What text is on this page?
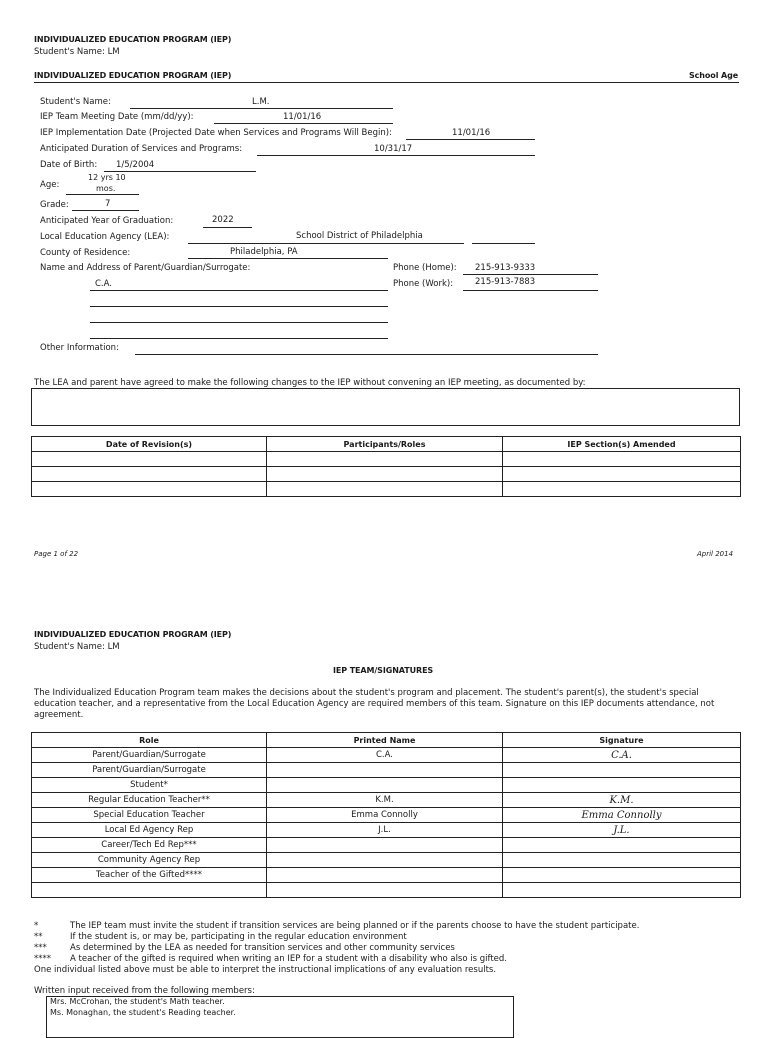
INDIVIDUALIZED EDUCATION PROGRAM (IEP)
Student's Name: LM
INDIVIDUALIZED EDUCATION PROGRAM (IEP)	School Age
Student's Name:	L.M.
IEP Team Meeting Date (mm/dd/yy):	11/01/16
IEP Implementation Date (Projected Date when Services and Programs Will Begin):	11/01/16
Anticipated Duration of Services and Programs:	10/31/17
Date of Birth: 1/5/2004
Age:
12 yrs 10
mos.
Grade:	7
Anticipated Year of Graduation:	2022
Local Education Agency (LEA):	School District of Philadelphia
County of Residence:	Philadelphia, PA
Name and Address of Parent/Guardian/Surrogate:
C.A.
Phone (Home): 215-913-9333
Phone (Work):	215-913-7883
Other Information:
The LEA and parent have agreed to make the following changes to the IEP without convening an IEP meeting, as documented by:
Date of Revision(s)	Participants/Roles	IEP Section(s) Amended

Page 1 of 22	April 2014
INDIVIDUALIZED EDUCATION PROGRAM (IEP)
Student's Name: LM
IEP TEAM/SIGNATURES
The Individualized Education Program team makes the decisions about the student's program and placement. The student's parent(s), the student's special
education teacher, and a representative from the Local Education Agency are required members of this team. Signature on this IEP documents attendance, not
agreement.
Role	Printed Name	Signature
Parent/Guardian/Surrogate	C.A.	C.A.
Parent/Guardian/Surrogate		
Student*		
Regular Education Teacher**	K.M.	K.M.
Special Education Teacher	Emma Connolly	Emma Connolly
Local Ed Agency Rep	J.L.	J.L.
Career/Tech Ed Rep***		
Community Agency Rep		
Teacher of the Gifted****		

*	The IEP team must invite the student if transition services are being planned or if the parents choose to have the student participate.
**	If the student is, or may be, participating in the regular education environment
***	As determined by the LEA as needed for transition services and other community services
**** A teacher of the gifted is required when writing an IEP for a student with a disability who also is gifted.
One individual listed above must be able to interpret the instructional implications of any evaluation results.
Written input received from the following members:
Mrs. McCrohan, the student's Math teacher.
Ms. Monaghan, the student's Reading teacher.
